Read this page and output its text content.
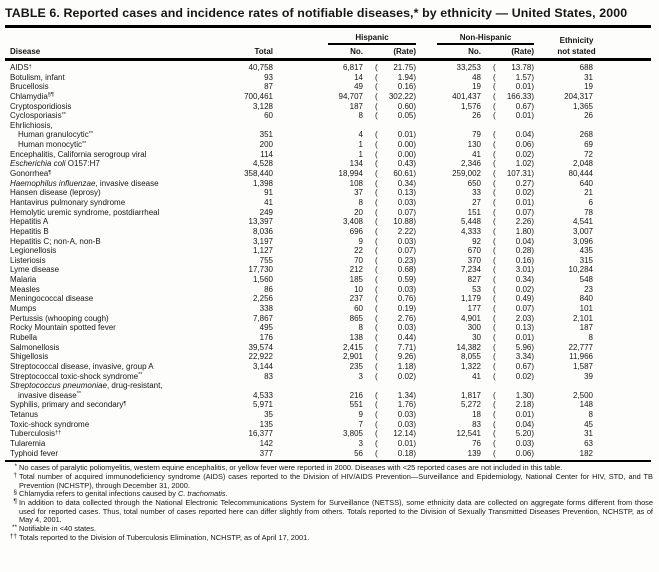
TABLE 6. Reported cases and incidence rates of notifiable diseases,* by ethnicity — United States, 2000
Hispanic	Non-Hispanic	Ethnicity
Disease	Total	No.	(Rate)	No.	(Rate)	not stated
AIDS†	40,758	6,817	( 21.75)	33,253	( 13.78)	688
Botulism, infant	93	14	(	1.94)	48	(	1.57)	31
Brucellosis	87	49	(	0.16)	19	(	0.01)	19
Chlamydia§¶	700,461	94,707	( 302.22)	401,437	( 166.33)	204,317
Cryptosporidiosis	3,128	187	(	0.60)	1,576	(	0.67)	1,365
Cyclosporiasis**	60	8	(	0.05)	26	(	0.01)	26
Ehrlichiosis,
Human granulocytic**	351	4	(	0.01)	79	(	0.04)	268
Human monocytic**	200	1	(	0.00)	130	(	0.06)	69
Encephalitis, California serogroup viral	114	1	(	0.00)	41	(	0.02)	72
Escherichia coli O157:H7	4,528	134	(	0.43)	2,346	(	1.02)	2,048
Gonorrhea¶	358,440	18,994	( 60.61)	259,002	( 107.31)	80,444
Haemophilus influenzae, invasive disease	1,398	108	(	0.34)	650	(	0.27)	640
Hansen disease (leprosy)	91	37	(	0.13)	33	(	0.02)	21
Hantavirus pulmonary syndrome	41	8	(	0.03)	27	(	0.01)	6
Hemolytic uremic syndrome, postdiarrheal	249	20	(	0.07)	151	(	0.07)	78
Hepatitis A	13,397	3,408	( 10.88)	5,448	(	2.26)	4,541
Hepatitis B	8,036	696	(	2.22)	4,333	(	1.80)	3,007
Hepatitis C; non-A, non-B	3,197	9	(	0.03)	92	(	0.04)	3,096
Legionellosis	1,127	22	(	0.07)	670	(	0.28)	435
Listeriosis	755	70	(	0.23)	370	(	0.16)	315
Lyme disease	17,730	212	(	0.68)	7,234	(	3.01)	10,284
Malaria	1,560	185	(	0.59)	827	(	0.34)	548
Measles	86	10	(	0.03)	53	(	0.02)	23
Meningococcal disease	2,256	237	(	0.76)	1,179	(	0.49)	840
Mumps	338	60	(	0.19)	177	(	0.07)	101
Pertussis (whooping cough)	7,867	865	(	2.76)	4,901	(	2.03)	2,101
Rocky Mountain spotted fever	495	8	(	0.03)	300	(	0.13)	187
Rubella	176	138	(	0.44)	30	(	0.01)	8
Salmonellosis	39,574	2,415	(	7.71)	14,382	(	5.96)	22,777
Shigellosis	22,922	2,901	(	9.26)	8,055	(	3.34)	11,966
Streptococcal disease, invasive, group A	3,144	235	(	1.18)	1,322	(	0.67)	1,587
Streptococcal toxic-shock syndrome**	83	3	(	0.02)	41	(	0.02)	39
Streptococcus pneumoniae, drug-resistant,
invasive disease**	4,533	216	(	1.34)	1,817	(	1.30)	2,500
Syphilis, primary and secondary¶	5,971	551	(	1.76)	5,272	(	2.18)	148
Tetanus	35	9	(	0.03)	18	(	0.01)	8
Toxic-shock syndrome	135	7	(	0.03)	83	(	0.04)	45
Tuberculosis††	16,377	3,805	( 12.14)	12,541	(	5.20)	31
Tularemia	142	3	(	0.01)	76	(	0.03)	63
Typhoid fever	377	56	(	0.18)	139	(	0.06)	182
* No cases of paralytic poliomyelitis, western equine encephalitis, or yellow fever were reported in 2000. Diseases with <25 reported cases are not included in this table.
† Total number of acquired immunodeficiency syndrome (AIDS) cases reported to the Division of HIV/AIDS Prevention—Surveillance and Epidemiology, National Center for HIV, STD, and TB Prevention (NCHSTP), through December 31, 2000.
§ Chlamydia refers to genital infections caused by C. trachomatis.
¶ In addition to data collected through the National Electronic Telecommunications System for Surveillance (NETSS), some ethnicity data are collected on aggregate forms different from those used for reported cases. Thus, total number of cases reported here can differ slightly from others. Totals reported to the Division of Sexually Transmitted Diseases Prevention, NCHSTP, as of May 4, 2001.
** Notifiable in <40 states.
†† Totals reported to the Division of Tuberculosis Elimination, NCHSTP, as of April 17, 2001.
